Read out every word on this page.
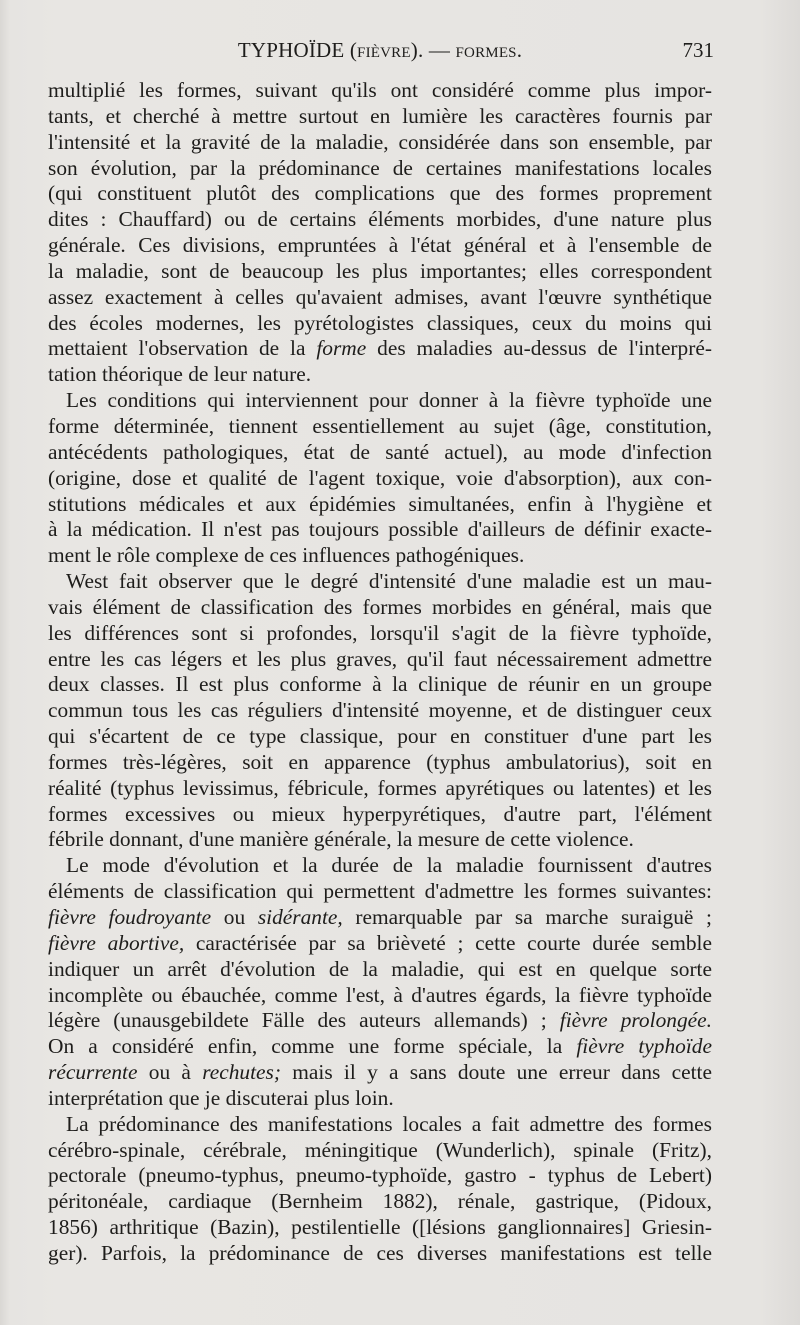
TYPHOÏDE (fièvre). — formes.	731
multiplié les formes, suivant qu'ils ont considéré comme plus impor-
tants, et cherché à mettre surtout en lumière les caractères fournis par
l'intensité et la gravité de la maladie, considérée dans son ensemble, par
son évolution, par la prédominance de certaines manifestations locales
(qui constituent plutôt des complications que des formes proprement
dites : Chauffard) ou de certains éléments morbides, d'une nature plus
générale. Ces divisions, empruntées à l'état général et à l'ensemble de
la maladie, sont de beaucoup les plus importantes; elles correspondent
assez exactement à celles qu'avaient admises, avant l'œuvre synthétique
des écoles modernes, les pyrétologistes classiques, ceux du moins qui
mettaient l'observation de la forme des maladies au-dessus de l'interpré-
tation théorique de leur nature.
Les conditions qui interviennent pour donner à la fièvre typhoïde une
forme déterminée, tiennent essentiellement au sujet (âge, constitution,
antécédents pathologiques, état de santé actuel), au mode d'infection
(origine, dose et qualité de l'agent toxique, voie d'absorption), aux con-
stitutions médicales et aux épidémies simultanées, enfin à l'hygiène et
à la médication. Il n'est pas toujours possible d'ailleurs de définir exacte-
ment le rôle complexe de ces influences pathogéniques.
West fait observer que le degré d'intensité d'une maladie est un mau-
vais élément de classification des formes morbides en général, mais que
les différences sont si profondes, lorsqu'il s'agit de la fièvre typhoïde,
entre les cas légers et les plus graves, qu'il faut nécessairement admettre
deux classes. Il est plus conforme à la clinique de réunir en un groupe
commun tous les cas réguliers d'intensité moyenne, et de distinguer ceux
qui s'écartent de ce type classique, pour en constituer d'une part les
formes très-légères, soit en apparence (typhus ambulatorius), soit en
réalité (typhus levissimus, fébricule, formes apyrétiques ou latentes) et les
formes excessives ou mieux hyperpyrétiques, d'autre part, l'élément
fébrile donnant, d'une manière générale, la mesure de cette violence.
Le mode d'évolution et la durée de la maladie fournissent d'autres
éléments de classification qui permettent d'admettre les formes suivantes:
fièvre foudroyante ou sidérante, remarquable par sa marche suraiguë ;
fièvre abortive, caractérisée par sa brièveté ; cette courte durée semble
indiquer un arrêt d'évolution de la maladie, qui est en quelque sorte
incomplète ou ébauchée, comme l'est, à d'autres égards, la fièvre typhoïde
légère (unausgebildete Fälle des auteurs allemands) ; fièvre prolongée.
On a considéré enfin, comme une forme spéciale, la fièvre typhoïde
récurrente ou à rechutes; mais il y a sans doute une erreur dans cette
interprétation que je discuterai plus loin.
La prédominance des manifestations locales a fait admettre des formes
cérébro-spinale, cérébrale, méningitique (Wunderlich), spinale (Fritz),
pectorale (pneumo-typhus, pneumo-typhoïde, gastro - typhus de Lebert)
péritonéale, cardiaque (Bernheim 1882), rénale, gastrique, (Pidoux,
1856) arthritique (Bazin), pestilentielle ([lésions ganglionnaires] Griesin-
ger). Parfois, la prédominance de ces diverses manifestations est telle
